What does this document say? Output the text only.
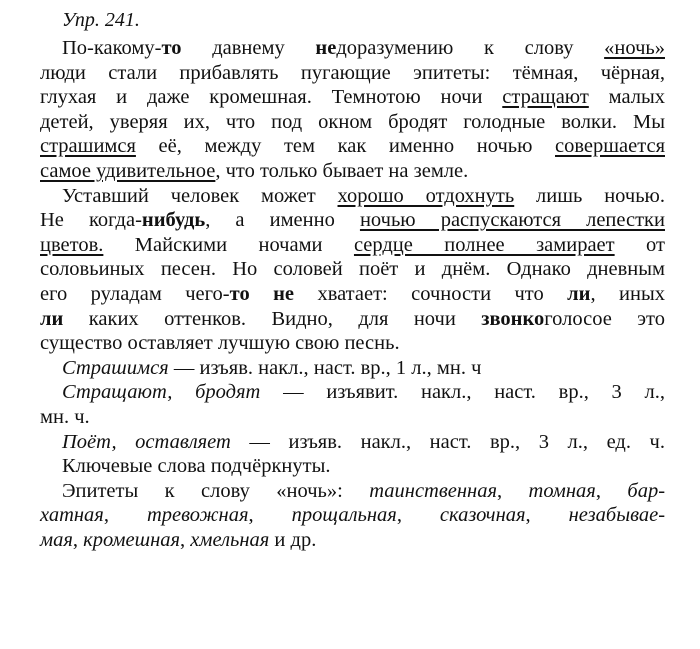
Упр. 241.
По-какому-то давнему недоразумению к слову «ночь»
люди стали прибавлять пугающие эпитеты: тёмная, чёрная,
глухая и даже кромешная. Темнотою ночи стращают малых
детей, уверяя их, что под окном бродят голодные волки. Мы
страшимся её, между тем как именно ночью совершается
самое удивительное, что только бывает на земле.
Уставший человек может хорошо отдохнуть лишь ночью.
Не когда-нибудь, а именно ночью распускаются лепестки
цветов. Майскими ночами сердце полнее замирает от
соловьиных песен. Но соловей поёт и днём. Однако дневным
его руладам чего-то не хватает: сочности что ли, иных
ли каких оттенков. Видно, для ночи звонкоголосое это
существо оставляет лучшую свою песнь.
Страшимся — изъяв. накл., наст. вр., 1 л., мн. ч
Стращают, бродят — изъявит. накл., наст. вр., 3 л.,
мн. ч.
Поёт, оставляет — изъяв. накл., наст. вр., 3 л., ед. ч.
Ключевые слова подчёркнуты.
Эпитеты к слову «ночь»: таинственная, томная, бар-
хатная, тревожная, прощальная, сказочная, незабывае-
мая, кромешная, хмельная и др.
